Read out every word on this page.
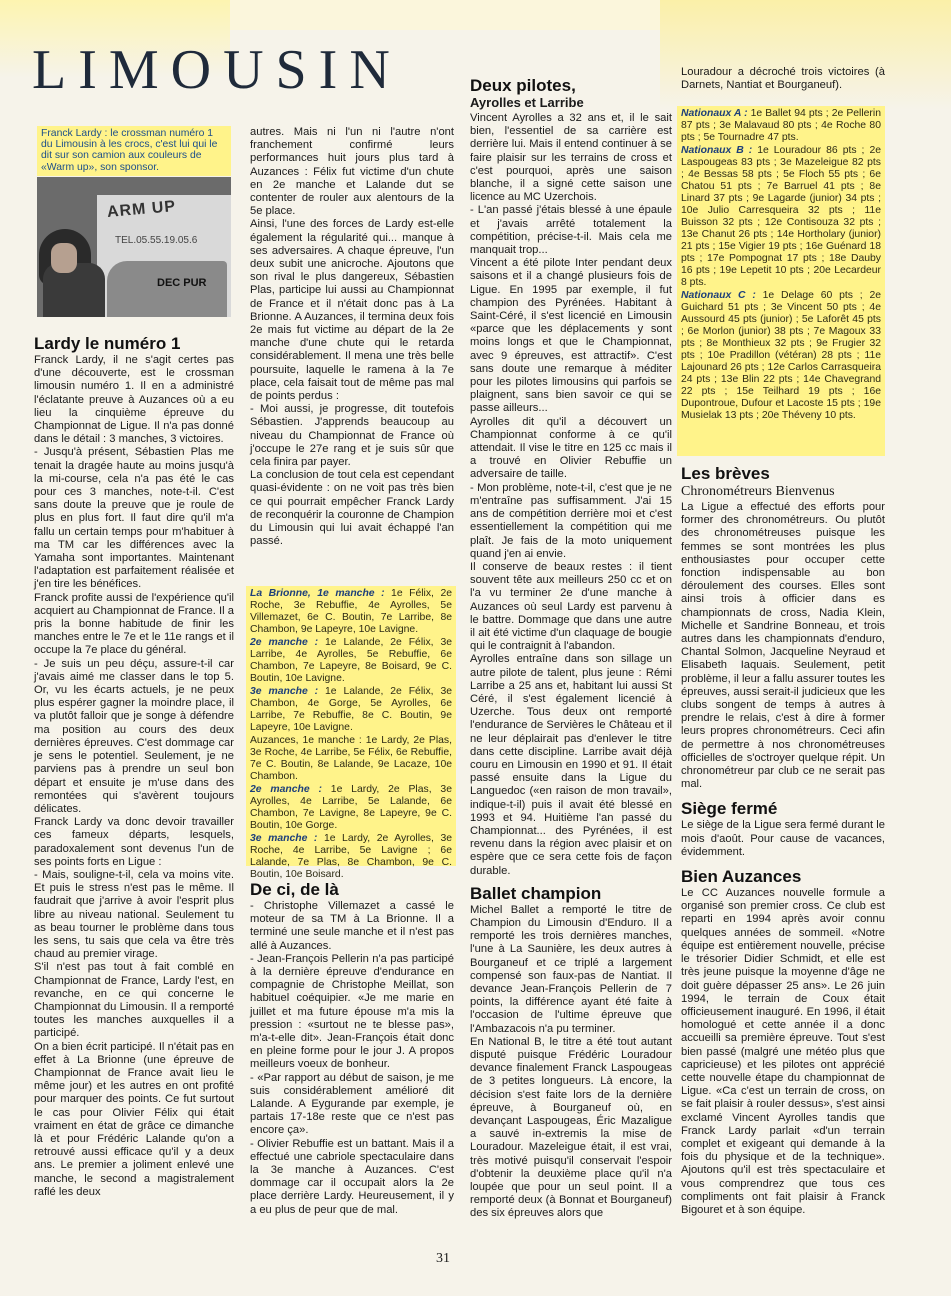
LIMOUSIN
Franck Lardy : le crossman numéro 1 du Limousin à les crocs, c'est lui qui le dit sur son camion aux couleurs de «Warm up», son sponsor.
ARM UP
TEL.05.55.19.05.6
DEC PUR
Lardy le numéro 1

Franck Lardy, il ne s'agit certes pas d'une découverte, est le crossman limousin numéro 1. Il en a administré l'éclatante preuve à Auzances où a eu lieu la cinquième épreuve du Championnat de Ligue. Il n'a pas donné dans le détail : 3 manches, 3 victoires.

- Jusqu'à présent, Sébastien Plas me tenait la dragée haute au moins jusqu'à la mi-course, cela n'a pas été le cas pour ces 3 manches, note-t-il. C'est sans doute la preuve que je roule de plus en plus fort. Il faut dire qu'il m'a fallu un certain temps pour m'habituer à ma TM car les différences avec la Yamaha sont importantes. Maintenant l'adaptation est parfaitement réalisée et j'en tire les bénéfices.

Franck profite aussi de l'expérience qu'il acquiert au Championnat de France. Il a pris la bonne habitude de finir les manches entre le 7e et le 11e rangs et il occupe la 7e place du général.

- Je suis un peu déçu, assure-t-il car j'avais aimé me classer dans le top 5. Or, vu les écarts actuels, je ne peux plus espérer gagner la moindre place, il va plutôt falloir que je songe à défendre ma position au cours des deux dernières épreuves. C'est dommage car je sens le potentiel. Seulement, je ne parviens pas à prendre un seul bon départ et ensuite je m'use dans des remontées qui s'avèrent toujours délicates.

Franck Lardy va donc devoir travailler ces fameux départs, lesquels, paradoxalement sont devenus l'un de ses points forts en Ligue :

- Mais, souligne-t-il, cela va moins vite. Et puis le stress n'est pas le même. Il faudrait que j'arrive à avoir l'esprit plus libre au niveau national. Seulement tu as beau tourner le problème dans tous les sens, tu sais que cela va être très chaud au premier virage.

S'il n'est pas tout à fait comblé en Championnat de France, Lardy l'est, en revanche, en ce qui concerne le Championnat du Limousin. Il a remporté toutes les manches auxquelles il a participé.

On a bien écrit participé. Il n'était pas en effet à La Brionne (une épreuve de Championnat de France avait lieu le même jour) et les autres en ont profité pour marquer des points. Ce fut surtout le cas pour Olivier Félix qui était vraiment en état de grâce ce dimanche là et pour Frédéric Lalande qu'on a retrouvé aussi efficace qu'il y a deux ans. Le premier a joliment enlevé une manche, le second a magistralement raflé les deux

autres. Mais ni l'un ni l'autre n'ont franchement confirmé leurs performances huit jours plus tard à Auzances : Félix fut victime d'un chute en 2e manche et Lalande dut se contenter de rouler aux alentours de la 5e place.

Ainsi, l'une des forces de Lardy est-elle également la régularité qui... manque à ses adversaires. A chaque épreuve, l'un deux subit une anicroche. Ajoutons que son rival le plus dangereux, Sébastien Plas, participe lui aussi au Championnat de France et il n'était donc pas à La Brionne. A Auzances, il termina deux fois 2e mais fut victime au départ de la 2e manche d'une chute qui le retarda considérablement. Il mena une très belle poursuite, laquelle le ramena à la 7e place, cela faisait tout de même pas mal de points perdus :

- Moi aussi, je progresse, dit toutefois Sébastien. J'apprends beaucoup au niveau du Championnat de France où j'occupe le 27e rang et je suis sûr que cela finira par payer.

La conclusion de tout cela est cependant quasi-évidente : on ne voit pas très bien ce qui pourrait empêcher Franck Lardy de reconquérir la couronne de Champion du Limousin qui lui avait échappé l'an passé.

La Brionne, 1e manche : 1e Félix, 2e Roche, 3e Rebuffie, 4e Ayrolles, 5e Villemazet, 6e C. Boutin, 7e Larribe, 8e Chambon, 9e Lapeyre, 10e Lavigne.

2e manche : 1e Lalande, 2e Félix, 3e Larribe, 4e Ayrolles, 5e Rebuffie, 6e Chambon, 7e Lapeyre, 8e Boisard, 9e C. Boutin, 10e Lavigne.

3e manche : 1e Lalande, 2e Félix, 3e Chambon, 4e Gorge, 5e Ayrolles, 6e Larribe, 7e Rebuffie, 8e C. Boutin, 9e Lapeyre, 10e Lavigne.

Auzances, 1e manche : 1e Lardy, 2e Plas, 3e Roche, 4e Larribe, 5e Félix, 6e Rebuffie, 7e C. Boutin, 8e Lalande, 9e Lacaze, 10e Chambon.

2e manche : 1e Lardy, 2e Plas, 3e Ayrolles, 4e Larribe, 5e Lalande, 6e Chambon, 7e Lavigne, 8e Lapeyre, 9e C. Boutin, 10e Gorge.

3e manche : 1e Lardy, 2e Ayrolles, 3e Roche, 4e Larribe, 5e Lavigne ; 6e Lalande, 7e Plas, 8e Chambon, 9e C. Boutin, 10e Boisard.

De ci, de là

- Christophe Villemazet a cassé le moteur de sa TM à La Brionne. Il a terminé une seule manche et il n'est pas allé à Auzances.

- Jean-François Pellerin n'a pas participé à la dernière épreuve d'endurance en compagnie de Christophe Meillat, son habituel coéquipier. «Je me marie en juillet et ma future épouse m'a mis la pression : «surtout ne te blesse pas», m'a-t-elle dit». Jean-François était donc en pleine forme pour le jour J. A propos meilleurs voeux de bonheur.

- «Par rapport au début de saison, je me suis considérablement amélioré dit Lalande. A Eygurande par exemple, je partais 17-18e reste que ce n'est pas encore ça».

- Olivier Rebuffie est un battant. Mais il a effectué une cabriole spectaculaire dans la 3e manche à Auzances. C'est dommage car il occupait alors la 2e place derrière Lardy. Heureusement, il y a eu plus de peur que de mal.

Deux pilotes,
Ayrolles et Larribe

Vincent Ayrolles a 32 ans et, il le sait bien, l'essentiel de sa carrière est derrière lui. Mais il entend continuer à se faire plaisir sur les terrains de cross et c'est pourquoi, après une saison blanche, il a signé cette saison une licence au MC Uzerchois.

- L'an passé j'étais blessé à une épaule et j'avais arrêté totalement la compétition, précise-t-il. Mais cela me manquait trop...

Vincent a été pilote Inter pendant deux saisons et il a changé plusieurs fois de Ligue. En 1995 par exemple, il fut champion des Pyrénées. Habitant à Saint-Céré, il s'est licencié en Limousin «parce que les déplacements y sont moins longs et que le Championnat, avec 9 épreuves, est attractif». C'est sans doute une remarque à méditer pour les pilotes limousins qui parfois se plaignent, sans bien savoir ce qui se passe ailleurs...

Ayrolles dit qu'il a découvert un Championnat conforme à ce qu'il attendait. Il vise le titre en 125 cc mais il a trouvé en Olivier Rebuffie un adversaire de taille.

- Mon problème, note-t-il, c'est que je ne m'entraîne pas suffisamment. J'ai 15 ans de compétition derrière moi et c'est essentiellement la compétition qui me plaît. Je fais de la moto uniquement quand j'en ai envie.

Il conserve de beaux restes : il tient souvent tête aux meilleurs 250 cc et on l'a vu terminer 2e d'une manche à Auzances où seul Lardy est parvenu à le battre. Dommage que dans une autre il ait été victime d'un claquage de bougie qui le contraignit à l'abandon.

Ayrolles entraîne dans son sillage un autre pilote de talent, plus jeune : Rémi Larribe a 25 ans et, habitant lui aussi St Céré, il s'est également licencié à Uzerche. Tous deux ont remporté l'endurance de Servières le Château et il ne leur déplairait pas d'enlever le titre dans cette discipline. Larribe avait déjà couru en Limousin en 1990 et 91. Il était passé ensuite dans la Ligue du Languedoc («en raison de mon travail», indique-t-il) puis il avait été blessé en 1993 et 94. Huitième l'an passé du Championnat... des Pyrénées, il est revenu dans la région avec plaisir et on espère que ce sera cette fois de façon durable.

Ballet champion

Michel Ballet a remporté le titre de Champion du Limousin d'Enduro. Il a remporté les trois dernières manches, l'une à La Saunière, les deux autres à Bourganeuf et ce triplé a largement compensé son faux-pas de Nantiat. Il devance Jean-François Pellerin de 7 points, la différence ayant été faite à l'occasion de l'ultime épreuve que l'Ambazacois n'a pu terminer.

En National B, le titre a été tout autant disputé puisque Frédéric Louradour devance finalement Franck Laspougeas de 3 petites longueurs. Là encore, la décision s'est faite lors de la dernière épreuve, à Bourganeuf où, en devançant Laspougeas, Éric Mazaligue a sauvé in-extremis la mise de Louradour. Mazeleigue était, il est vrai, très motivé puisqu'il conservait l'espoir d'obtenir la deuxième place qu'il n'a loupée que pour un seul point. Il a remporté deux (à Bonnat et Bourganeuf) des six épreuves alors que

Louradour a décroché trois victoires (à Darnets, Nantiat et Bourganeuf).

Nationaux A : 1e Ballet 94 pts ; 2e Pellerin 87 pts ; 3e Malavaud 80 pts ; 4e Roche 80 pts ; 5e Tournadre 47 pts.

Nationaux B : 1e Louradour 86 pts ; 2e Laspougeas 83 pts ; 3e Mazeleigue 82 pts ; 4e Bessas 58 pts ; 5e Floch 55 pts ; 6e Chatou 51 pts ; 7e Barruel 41 pts ; 8e Linard 37 pts ; 9e Lagarde (junior) 34 pts ; 10e Julio Carresqueira 32 pts ; 11e Buisson 32 pts ; 12e Contisouza 32 pts ; 13e Chanut 26 pts ; 14e Hortholary (junior) 21 pts ; 15e Vigier 19 pts ; 16e Guénard 18 pts ; 17e Pompognat 17 pts ; 18e Dauby 16 pts ; 19e Lepetit 10 pts ; 20e Lecardeur 8 pts.

Nationaux C : 1e Delage 60 pts ; 2e Guichard 51 pts ; 3e Vincent 50 pts ; 4e Aussourd 45 pts (junior) ; 5e Laforêt 45 pts ; 6e Morlon (junior) 38 pts ; 7e Magoux 33 pts ; 8e Monthieux 32 pts ; 9e Frugier 32 pts ; 10e Pradillon (vétéran) 28 pts ; 11e Lajounard 26 pts ; 12e Carlos Carrasqueira 24 pts ; 13e Blin 22 pts ; 14e Chavegrand 22 pts ; 15e Teilhard 19 pts ; 16e Dupontroue, Dufour et Lacoste 15 pts ; 19e Musielak 13 pts ; 20e Théveny 10 pts.

Les brèves
Chronométreurs Bienvenus

La Ligue a effectué des efforts pour former des chronométreurs. Ou plutôt des chronométreuses puisque les femmes se sont montrées les plus enthousiastes pour occuper cette fonction indispensable au bon déroulement des courses. Elles sont ainsi trois à officier dans es championnats de cross, Nadia Klein, Michelle et Sandrine Bonneau, et trois autres dans les championnats d'enduro, Chantal Solmon, Jacqueline Neyraud et Elisabeth Iaquais. Seulement, petit problème, il leur a fallu assurer toutes les épreuves, aussi serait-il judicieux que les clubs songent de temps à autres à prendre le relais, c'est à dire à former leurs propres chronométreurs. Ceci afin de permettre à nos chronométreuses officielles de s'octroyer quelque répit. Un chronométreur par club ce ne serait pas mal.

Siège fermé

Le siège de la Ligue sera fermé durant le mois d'août. Pour cause de vacances, évidemment.

Bien Auzances

Le CC Auzances nouvelle formule a organisé son premier cross. Ce club est reparti en 1994 après avoir connu quelques années de sommeil. «Notre équipe est entièrement nouvelle, précise le trésorier Didier Schmidt, et elle est très jeune puisque la moyenne d'âge ne doit guère dépasser 25 ans». Le 26 juin 1994, le terrain de Coux était officieusement inauguré. En 1996, il était homologué et cette année il a donc accueilli sa première épreuve. Tout s'est bien passé (malgré une météo plus que capricieuse) et les pilotes ont apprécié cette nouvelle étape du championnat de Ligue. «Ca c'est un terrain de cross, on se fait plaisir à rouler dessus», s'est ainsi exclamé Vincent Ayrolles tandis que Franck Lardy parlait «d'un terrain complet et exigeant qui demande à la fois du physique et de la technique». Ajoutons qu'il est très spectaculaire et vous comprendrez que tous ces compliments ont fait plaisir à Franck Bigouret et à son équipe.

31
